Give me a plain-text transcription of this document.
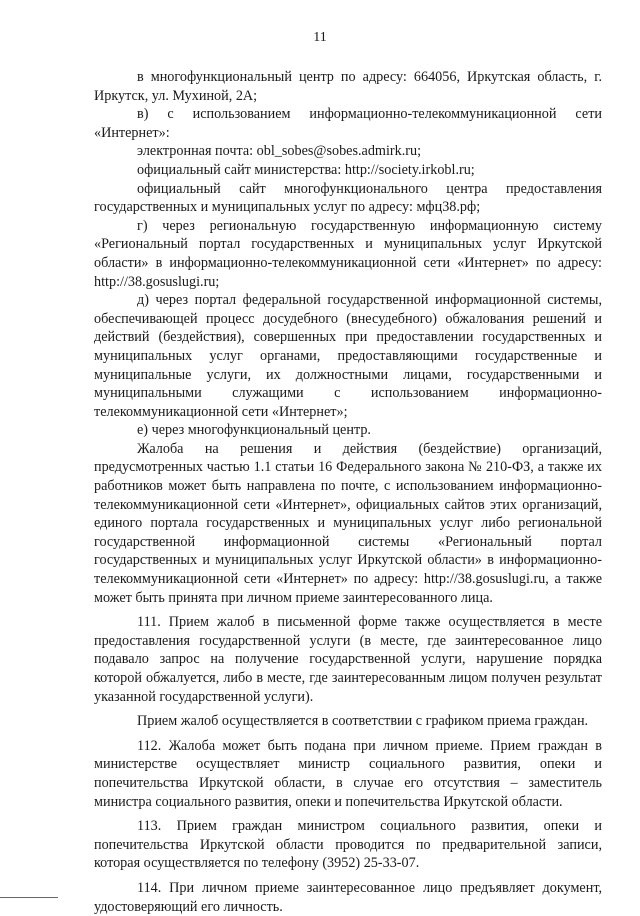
11

в многофункциональный центр по адресу: 664056, Иркутская область, г. Иркутск, ул. Мухиной, 2А;

в) с использованием информационно-телекоммуникационной сети «Интернет»:

электронная почта: obl_sobes@sobes.admirk.ru;

официальный сайт министерства: http://society.irkobl.ru;

официальный сайт многофункционального центра предоставления государственных и муниципальных услуг по адресу: мфц38.рф;

г) через региональную государственную информационную систему «Региональный портал государственных и муниципальных услуг Иркутской области» в информационно-телекоммуникационной сети «Интернет» по адресу: http://38.gosuslugi.ru;

д) через портал федеральной государственной информационной системы, обеспечивающей процесс досудебного (внесудебного) обжалования решений и действий (бездействия), совершенных при предоставлении государственных и муниципальных услуг органами, предоставляющими государственные и муниципальные услуги, их должностными лицами, государственными и муниципальными служащими с использованием информационно-телекоммуникационной сети «Интернет»;

е) через многофункциональный центр.

Жалоба на решения и действия (бездействие) организаций, предусмотренных частью 1.1 статьи 16 Федерального закона № 210-ФЗ, а также их работников может быть направлена по почте, с использованием информационно-телекоммуникационной сети «Интернет», официальных сайтов этих организаций, единого портала государственных и муниципальных услуг либо региональной государственной информационной системы «Региональный портал государственных и муниципальных услуг Иркутской области» в информационно-телекоммуникационной сети «Интернет» по адресу: http://38.gosuslugi.ru, а также может быть принята при личном приеме заинтересованного лица.

111. Прием жалоб в письменной форме также осуществляется в месте предоставления государственной услуги (в месте, где заинтересованное лицо подавало запрос на получение государственной услуги, нарушение порядка которой обжалуется, либо в месте, где заинтересованным лицом получен результат указанной государственной услуги).

Прием жалоб осуществляется в соответствии с графиком приема граждан.

112. Жалоба может быть подана при личном приеме. Прием граждан в министерстве осуществляет министр социального развития, опеки и попечительства Иркутской области, в случае его отсутствия – заместитель министра социального развития, опеки и попечительства Иркутской области.

113. Прием граждан министром социального развития, опеки и попечительства Иркутской области проводится по предварительной записи, которая осуществляется по телефону (3952) 25-33-07.

114. При личном приеме заинтересованное лицо предъявляет документ, удостоверяющий его личность.
